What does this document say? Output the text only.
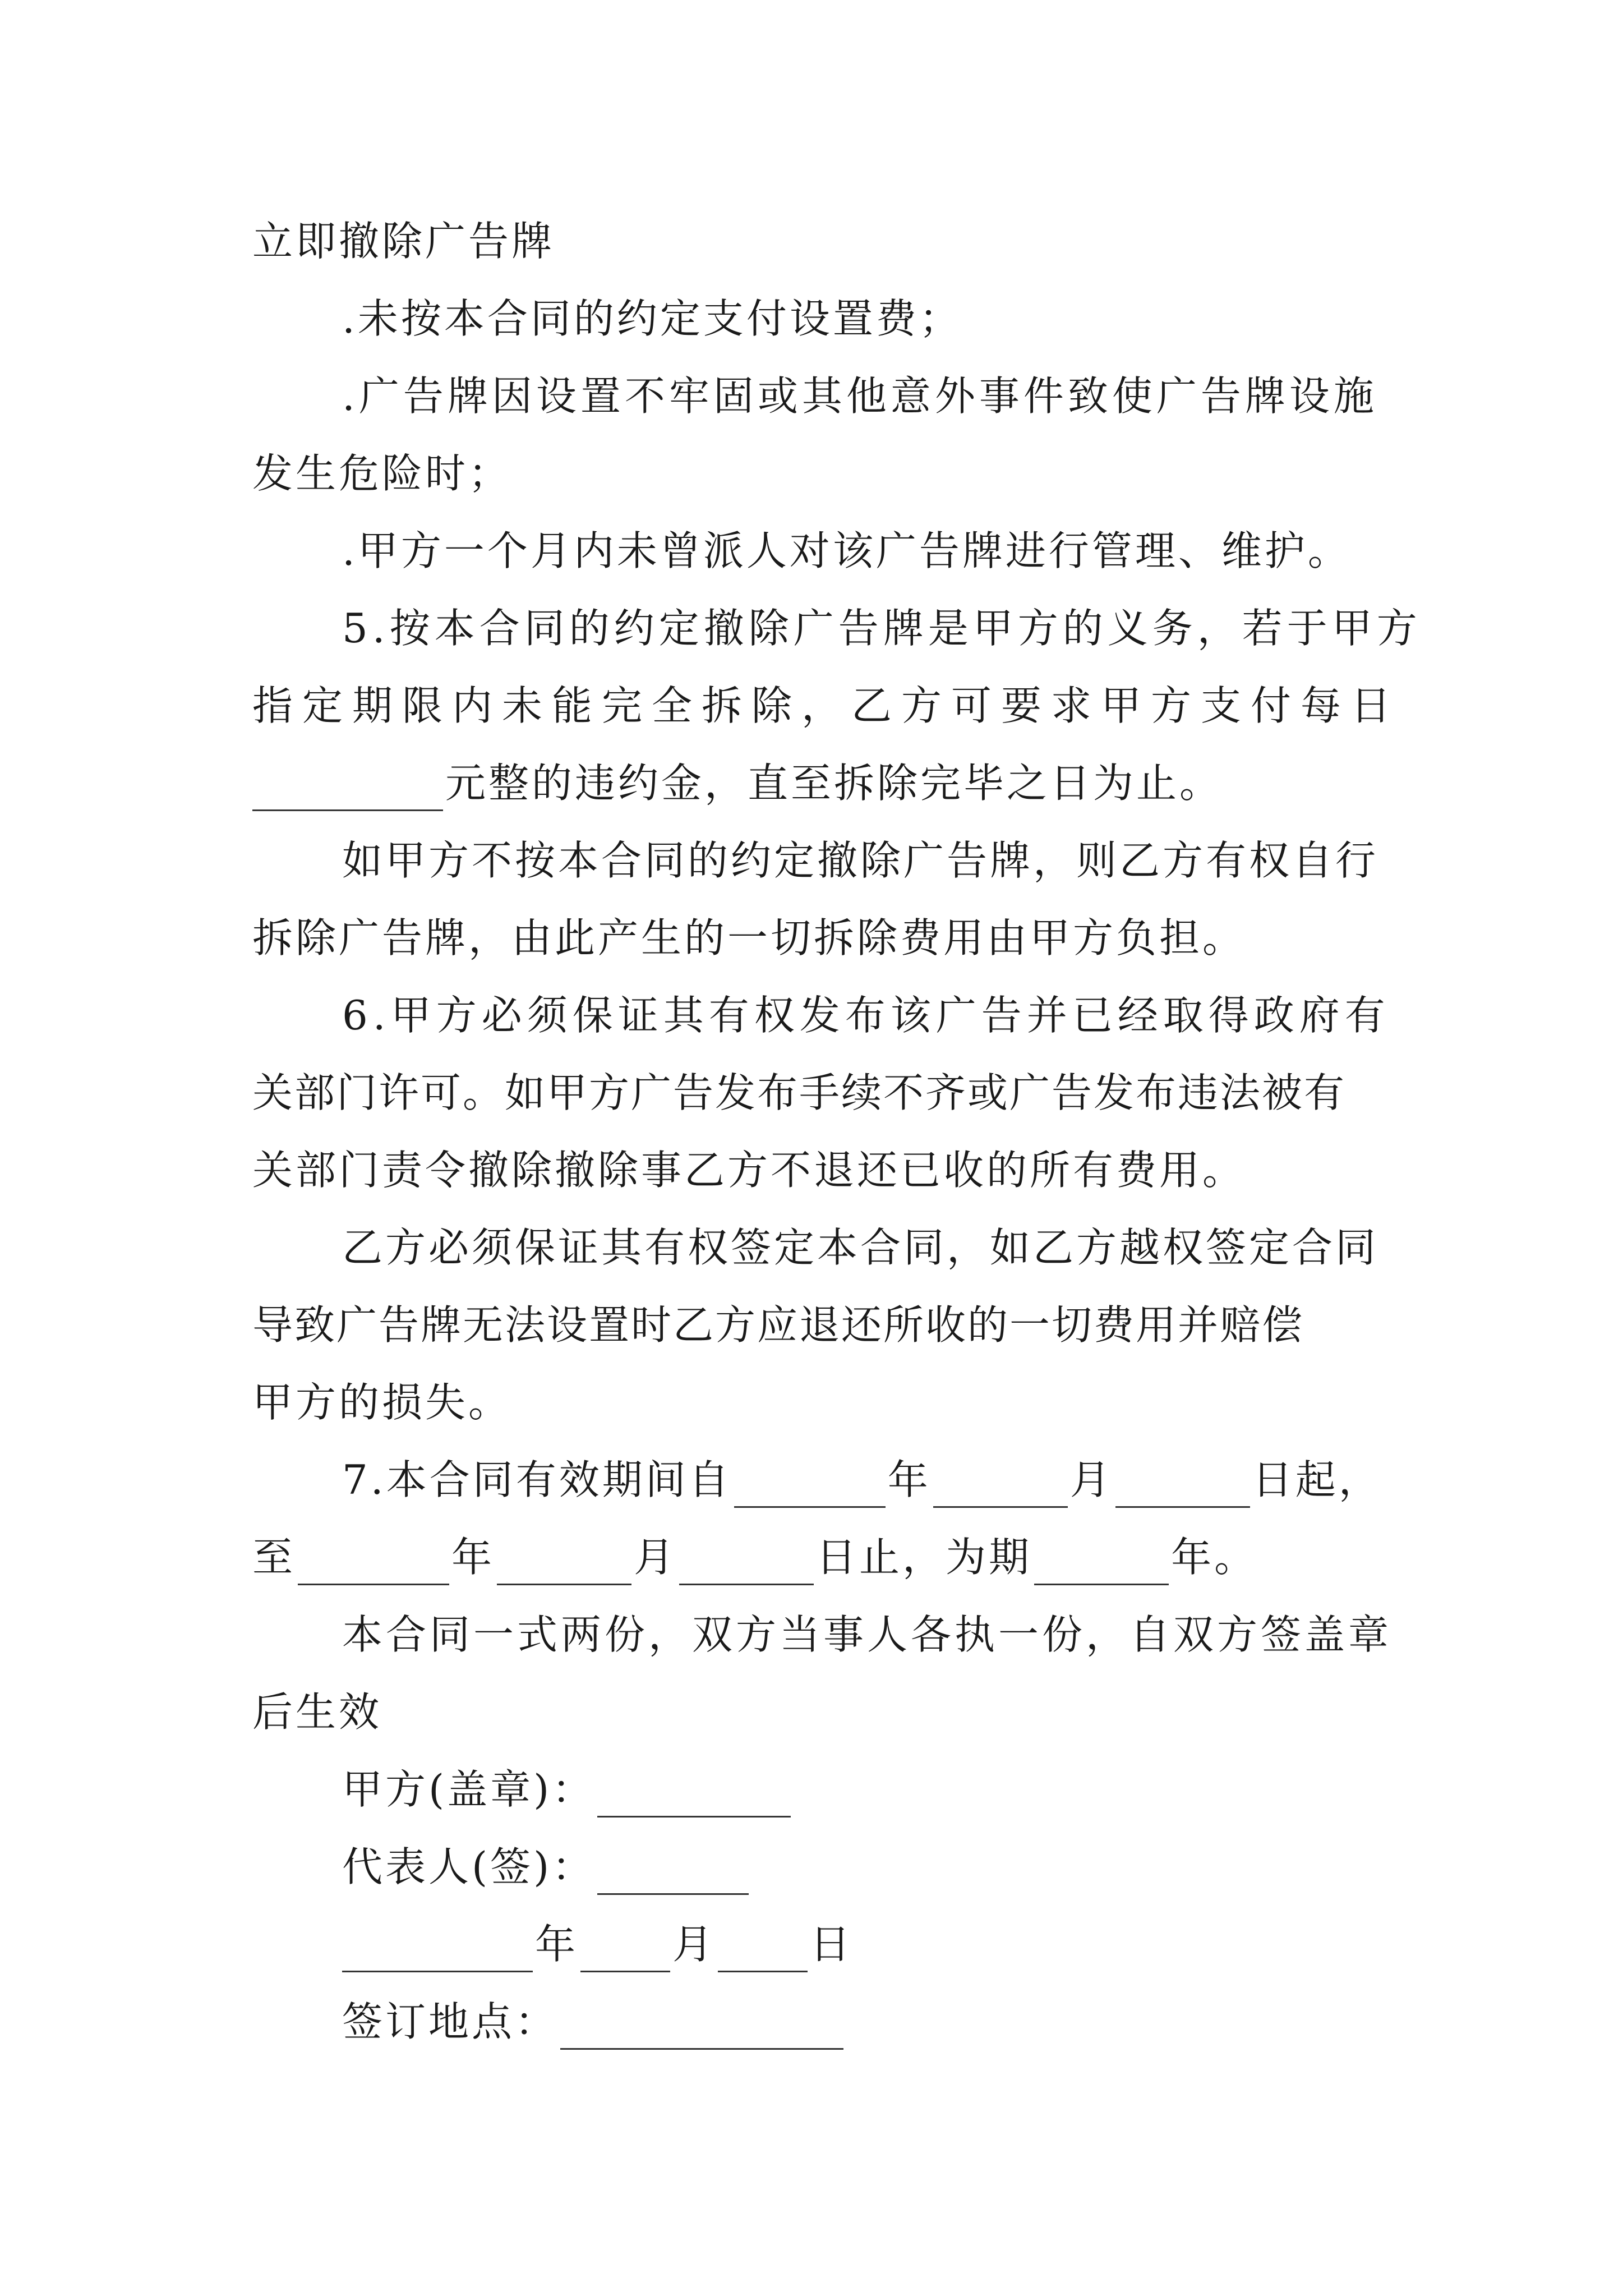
立即撤除广告牌
.未按本合同的约定支付设置费；
.广告牌因设置不牢固或其他意外事件致使广告牌设施
发生危险时；
.甲方一个月内未曾派人对该广告牌进行管理、维护。
5.按本合同的约定撤除广告牌是甲方的义务，若于甲方
指定期限内未能完全拆除，乙方可要求甲方支付每日
元整的违约金，直至拆除完毕之日为止。
如甲方不按本合同的约定撤除广告牌，则乙方有权自行
拆除广告牌，由此产生的一切拆除费用由甲方负担。
6.甲方必须保证其有权发布该广告并已经取得政府有
关部门许可。如甲方广告发布手续不齐或广告发布违法被有
关部门责令撤除撤除事乙方不退还已收的所有费用。
乙方必须保证其有权签定本合同，如乙方越权签定合同
导致广告牌无法设置时乙方应退还所收的一切费用并赔偿
甲方的损失。
7.本合同有效期间自	年	月	日起，
至	年	月	日止，为期	年。
本合同一式两份，双方当事人各执一份，自双方签盖章
后生效
甲方(盖章)：
代表人(签)：
年 月 日
签订地点：
